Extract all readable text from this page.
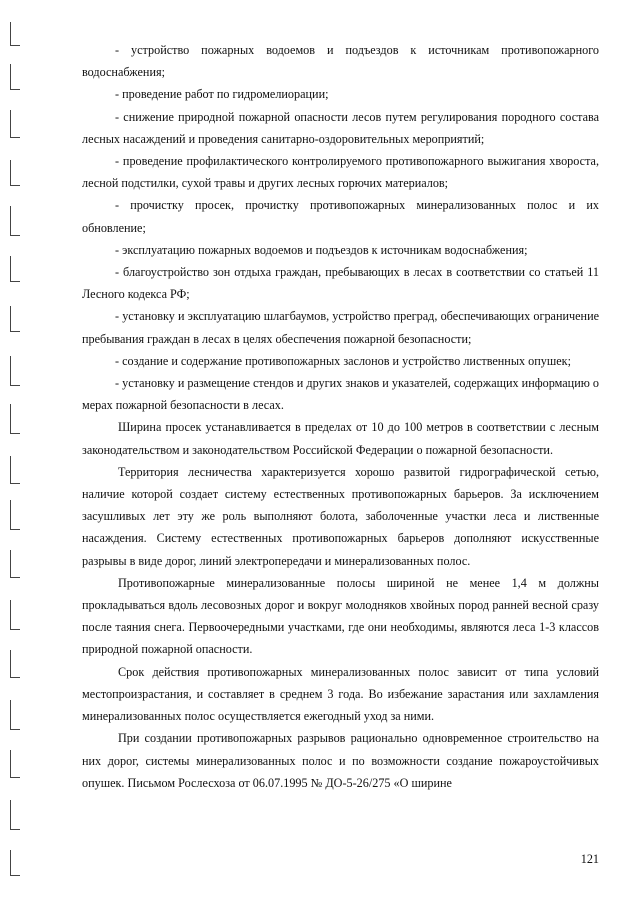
- устройство пожарных водоемов и подъездов к источникам противопожарного водоснабжения;

- проведение работ по гидромелиорации;

- снижение природной пожарной опасности лесов путем регулирования породного состава лесных насаждений и проведения санитарно-оздоровительных мероприятий;

- проведение профилактического контролируемого противопожарного выжигания хвороста, лесной подстилки, сухой травы и других лесных горючих материалов;

- прочистку просек, прочистку противопожарных минерализованных полос и их обновление;

- эксплуатацию пожарных водоемов и подъездов к источникам водоснабжения;

- благоустройство зон отдыха граждан, пребывающих в лесах в соответствии со статьей 11 Лесного кодекса РФ;

- установку и эксплуатацию шлагбаумов, устройство преград, обеспечивающих ограничение пребывания граждан в лесах в целях обеспечения пожарной безопасности;

- создание и содержание противопожарных заслонов и устройство лиственных опушек;

- установку и размещение стендов и других знаков и указателей, содержащих информацию о мерах пожарной безопасности в лесах.

Ширина просек устанавливается в пределах от 10 до 100 метров в соответствии с лесным законодательством и законодательством Российской Федерации о пожарной безопасности.

Территория лесничества характеризуется хорошо развитой гидрографической сетью, наличие которой создает систему естественных противопожарных барьеров. За исключением засушливых лет эту же роль выполняют болота, заболоченные участки леса и лиственные насаждения. Систему естественных противопожарных барьеров дополняют искусственные разрывы в виде дорог, линий электропередачи и минерализованных полос.

Противопожарные минерализованные полосы шириной не менее 1,4 м должны прокладываться вдоль лесовозных дорог и вокруг молодняков хвойных пород ранней весной сразу после таяния снега. Первоочередными участками, где они необходимы, являются леса 1-3 классов природной пожарной опасности.

Срок действия противопожарных минерализованных полос зависит от типа условий местопроизрастания, и составляет в среднем 3 года. Во избежание зарастания или захламления минерализованных полос осуществляется ежегодный уход за ними.

При создании противопожарных разрывов рационально одновременное строительство на них дорог, системы минерализованных полос и по возможности создание пожароустойчивых опушек. Письмом Рослесхоза от 06.07.1995 № ДО-5-26/275 «О ширине

121
